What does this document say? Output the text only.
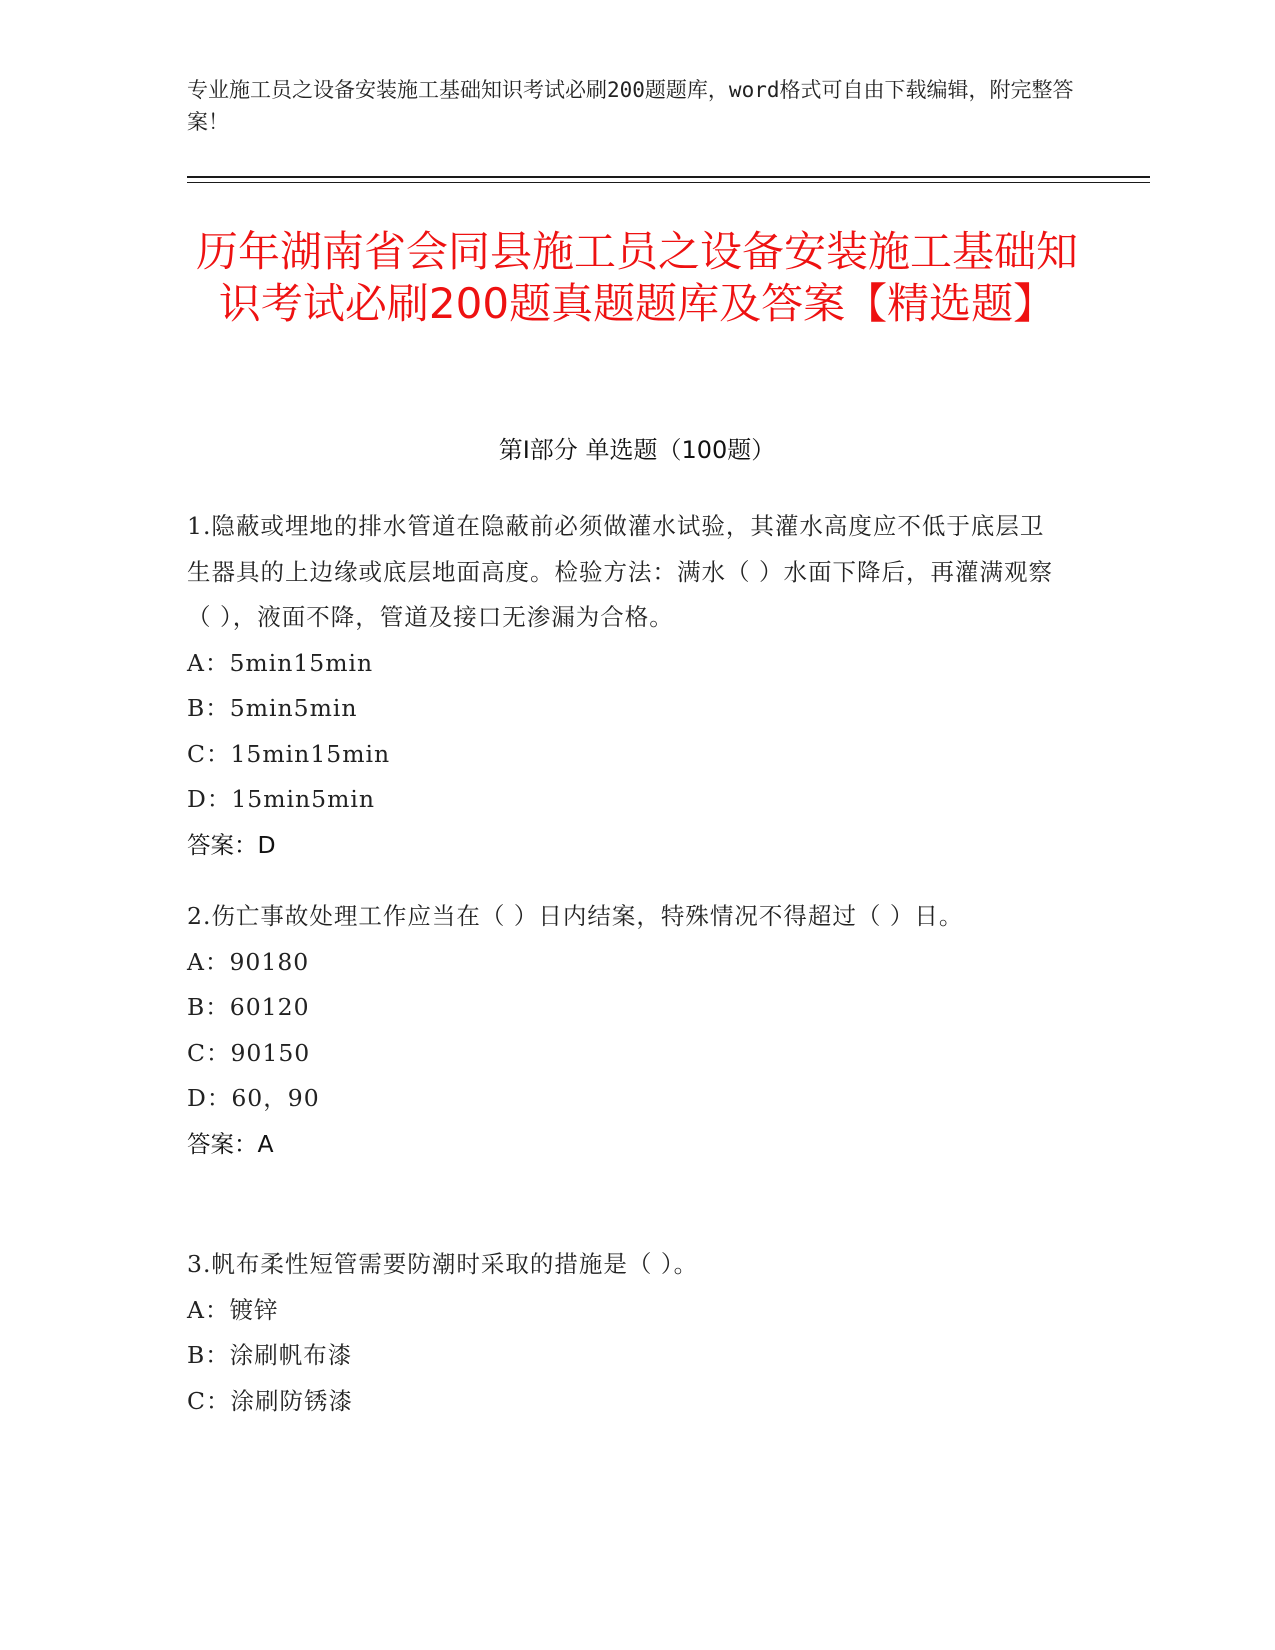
专业施工员之设备安装施工基础知识考试必刷200题题库，word格式可自由下载编辑，附完整答案！
历年湖南省会同县施工员之设备安装施工基础知识考试必刷200题真题题库及答案【精选题】
第I部分 单选题（100题）

1.隐蔽或埋地的排水管道在隐蔽前必须做灌水试验，其灌水高度应不低于底层卫生器具的上边缘或底层地面高度。检验方法：满水（ ）水面下降后，再灌满观察（ ），液面不降，管道及接口无渗漏为合格。

A：5min15min

B：5min5min

C：15min15min

D：15min5min

答案：D

2.伤亡事故处理工作应当在（ ）日内结案，特殊情况不得超过（ ）日。

A：90180

B：60120

C：90150

D：60，90

答案：A

3.帆布柔性短管需要防潮时采取的措施是（ ）。

A：镀锌

B：涂刷帆布漆

C：涂刷防锈漆
